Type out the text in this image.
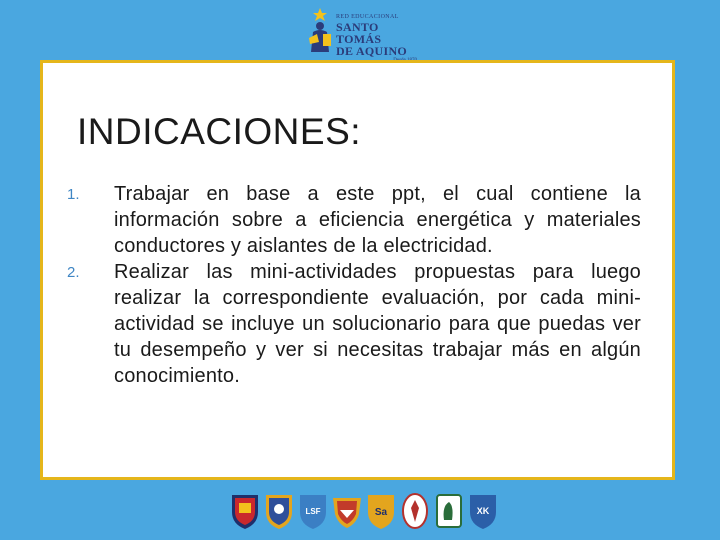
RED EDUCACIONAL
SANTO TOMÁS
DE AQUINO
INDICACIONES:
1. Trabajar en base a este ppt, el cual contiene la información sobre a eficiencia energética y materiales conductores y aislantes de la electricidad.
2. Realizar las mini-actividades propuestas para luego realizar la correspondiente evaluación, por cada mini-actividad se incluye un solucionario para que puedas ver tu desempeño y ver si necesitas trabajar más en algún conocimiento.
LSF	Sa	XK
